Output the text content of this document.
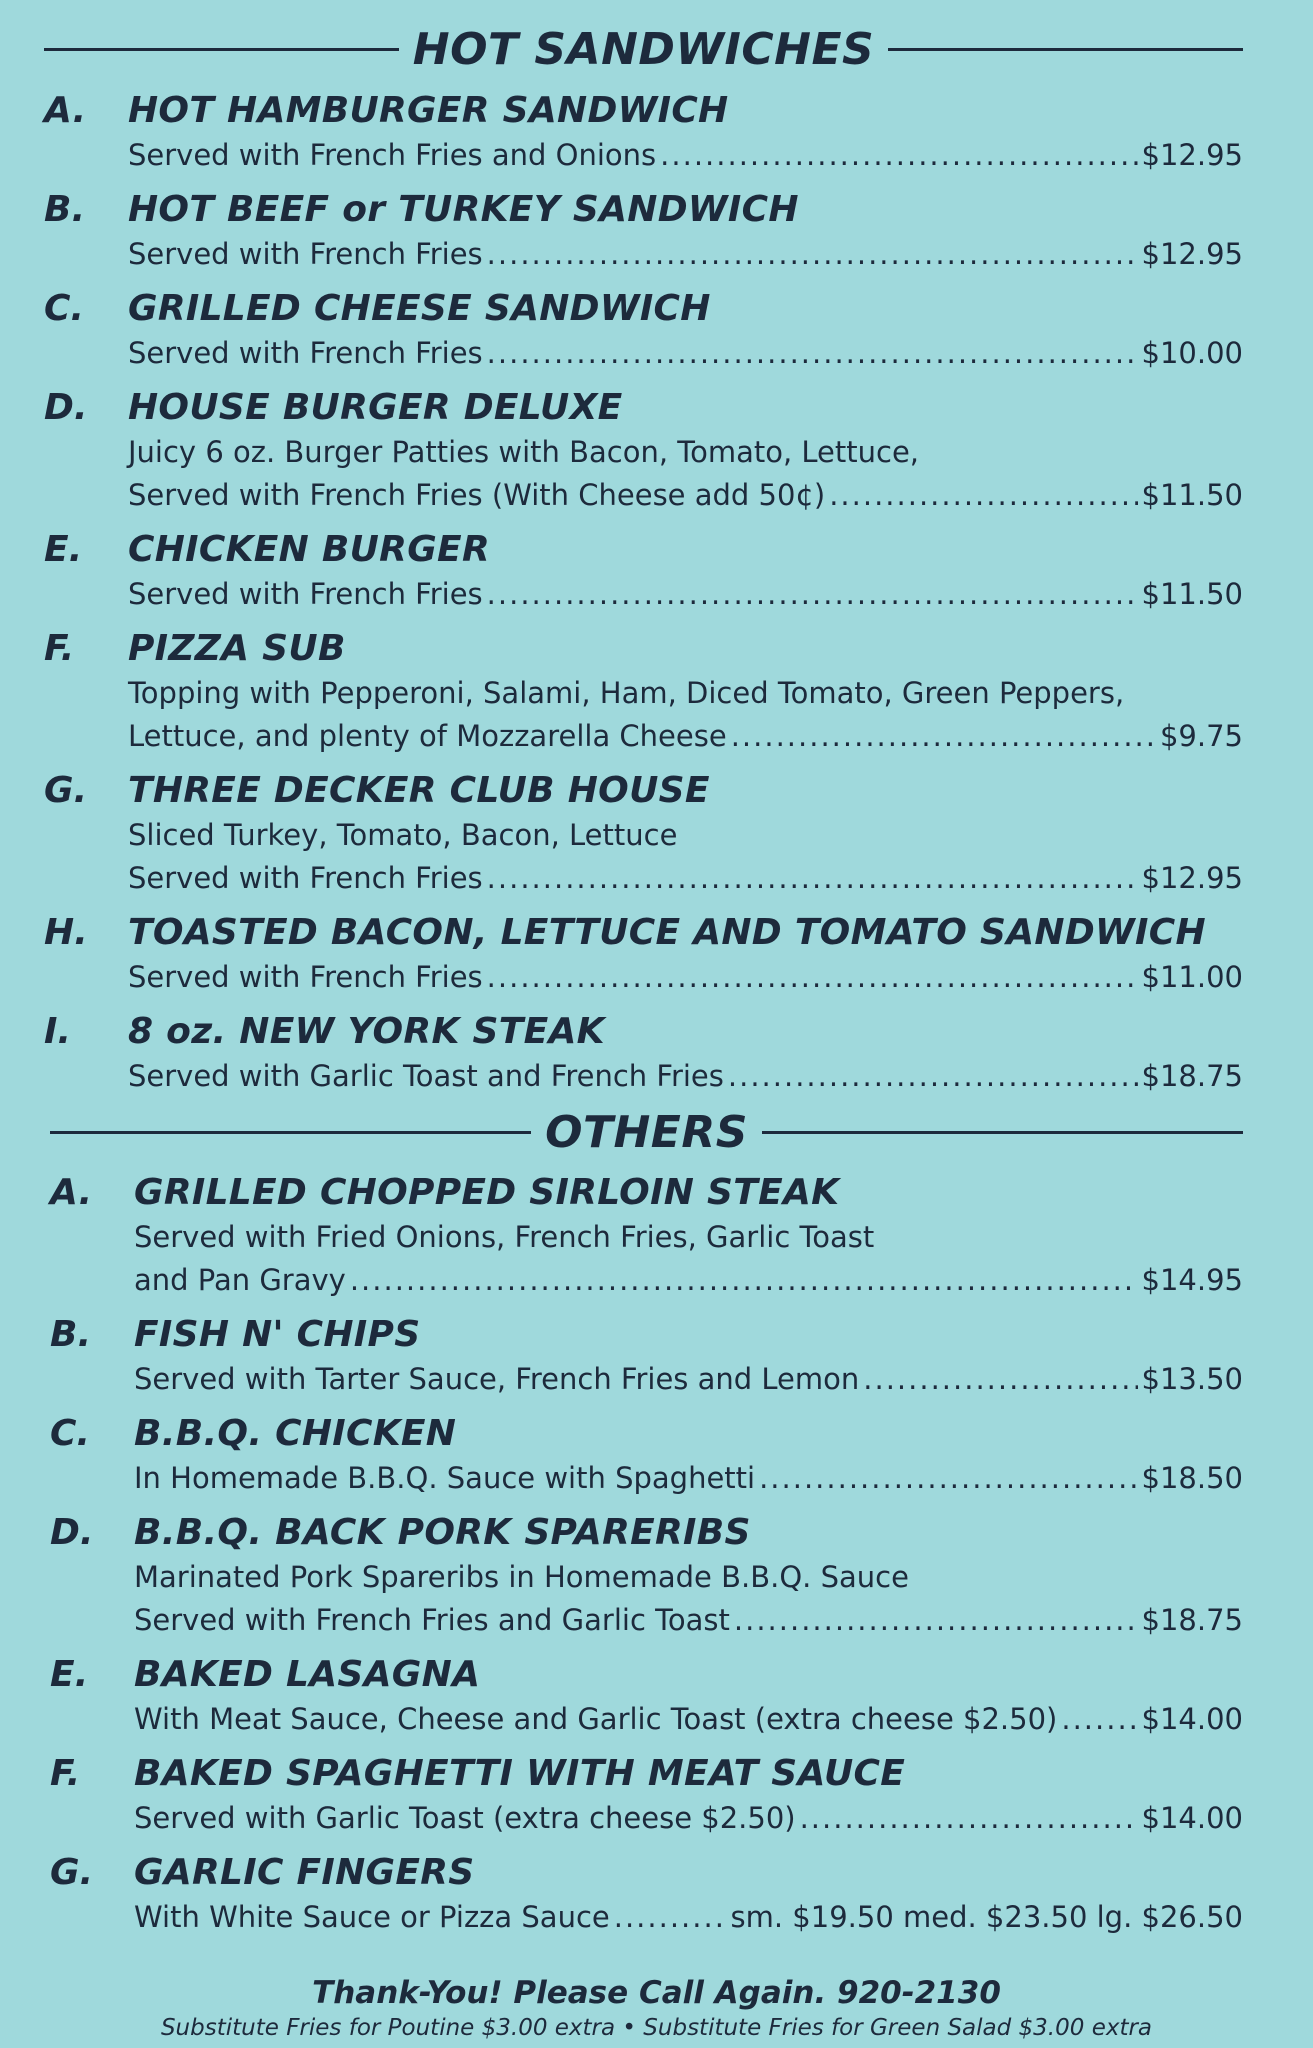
HOT SANDWICHES
A.	HOT HAMBURGER SANDWICH
Served with French Fries and Onions .....	$12.95
B.	HOT BEEF or TURKEY SANDWICH
Served with French Fries .....	$12.95
C.	GRILLED CHEESE SANDWICH
Served with French Fries .....	$10.00
D.	HOUSE BURGER DELUXE
Juicy 6 oz. Burger Patties with Bacon, Tomato, Lettuce,
Served with French Fries (With Cheese add 50¢) .....	$11.50
E.	CHICKEN BURGER
Served with French Fries .....	$11.50
F.	PIZZA SUB
Topping with Pepperoni, Salami, Ham, Diced Tomato, Green Peppers,
Lettuce, and plenty of Mozzarella Cheese .....	$9.75
G.	THREE DECKER CLUB HOUSE
Sliced Turkey, Tomato, Bacon, Lettuce
Served with French Fries .....	$12.95
H.	TOASTED BACON, LETTUCE AND TOMATO SANDWICH
Served with French Fries .....	$11.00
I.	8 oz. NEW YORK STEAK
Served with Garlic Toast and French Fries .....	$18.75
OTHERS
A.	GRILLED CHOPPED SIRLOIN STEAK
Served with Fried Onions, French Fries, Garlic Toast
and Pan Gravy .....	$14.95
B.	FISH N' CHIPS
Served with Tarter Sauce, French Fries and Lemon .....	$13.50
C.	B.B.Q. CHICKEN
In Homemade B.B.Q. Sauce with Spaghetti .....	$18.50
D.	B.B.Q. BACK PORK SPARERIBS
Marinated Pork Spareribs in Homemade B.B.Q. Sauce
Served with French Fries and Garlic Toast .....	$18.75
E.	BAKED LASAGNA
With Meat Sauce, Cheese and Garlic Toast (extra cheese $2.50) .....	$14.00
F.	BAKED SPAGHETTI WITH MEAT SAUCE
Served with Garlic Toast (extra cheese $2.50) .....	$14.00
G.	GARLIC FINGERS
With White Sauce or Pizza Sauce .....	sm. $19.50 med. $23.50 lg. $26.50
Thank-You! Please Call Again. 920-2130
Substitute Fries for Poutine $3.00 extra • Substitute Fries for Green Salad $3.00 extra
